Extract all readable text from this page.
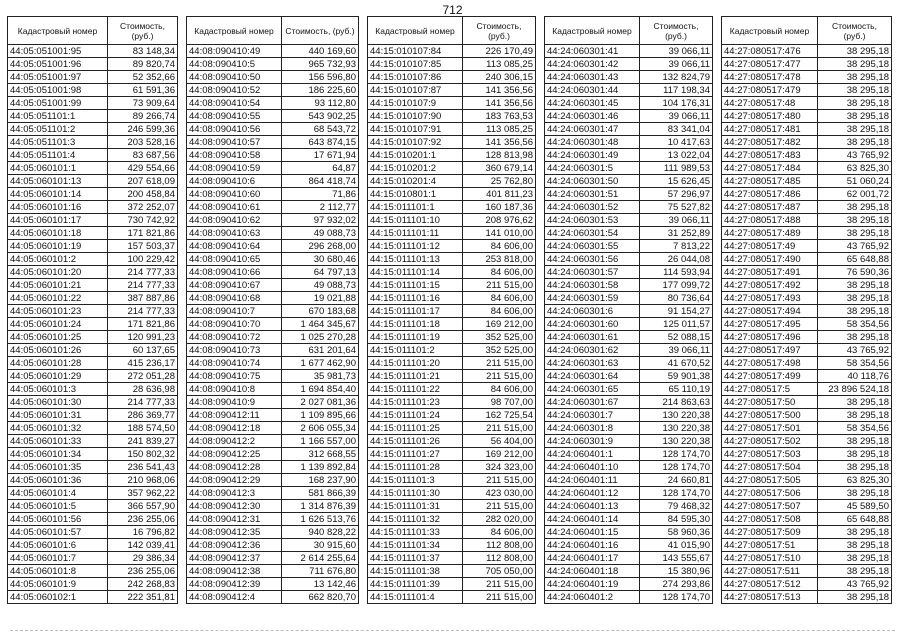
712
Кадастровый номер	Стоимость, (руб.)
44:05:051001:95	83 148,34
44:05:051001:96	89 820,74
44:05:051001:97	52 352,66
44:05:051001:98	61 591,36
44:05:051001:99	73 909,64
44:05:051101:1	89 266,74
44:05:051101:2	246 599,36
44:05:051101:3	203 528,16
44:05:051101:4	83 687,56
44:05:060101:1	429 554,66
44:05:060101:13	207 618,09
44:05:060101:14	200 458,84
44:05:060101:16	372 252,07
44:05:060101:17	730 742,92
44:05:060101:18	171 821,86
44:05:060101:19	157 503,37
44:05:060101:2	100 229,42
44:05:060101:20	214 777,33
44:05:060101:21	214 777,33
44:05:060101:22	387 887,86
44:05:060101:23	214 777,33
44:05:060101:24	171 821,86
44:05:060101:25	120 991,23
44:05:060101:26	60 137,65
44:05:060101:28	415 236,17
44:05:060101:29	272 051,28
44:05:060101:3	28 636,98
44:05:060101:30	214 777,33
44:05:060101:31	286 369,77
44:05:060101:32	188 574,50
44:05:060101:33	241 839,27
44:05:060101:34	150 802,32
44:05:060101:35	236 541,43
44:05:060101:36	210 968,06
44:05:060101:4	357 962,22
44:05:060101:5	366 557,90
44:05:060101:56	236 255,06
44:05:060101:57	16 796,82
44:05:060101:6	142 039,41
44:05:060101:7	29 386,34
44:05:060101:8	236 255,06
44:05:060101:9	242 268,83
44:05:060102:1	222 351,81
Кадастровый номер	Стоимость, (руб.)
44:08:090410:49	440 169,60
44:08:090410:5	965 732,93
44:08:090410:50	156 596,80
44:08:090410:52	186 225,60
44:08:090410:54	93 112,80
44:08:090410:55	543 902,25
44:08:090410:56	68 543,72
44:08:090410:57	643 874,15
44:08:090410:58	17 671,94
44:08:090410:59	64,87
44:08:090410:6	864 418,74
44:08:090410:60	71,86
44:08:090410:61	2 112,77
44:08:090410:62	97 932,02
44:08:090410:63	49 088,73
44:08:090410:64	296 268,00
44:08:090410:65	30 680,46
44:08:090410:66	64 797,13
44:08:090410:67	49 088,73
44:08:090410:68	19 021,88
44:08:090410:7	670 183,68
44:08:090410:70	1 464 345,67
44:08:090410:72	1 025 270,28
44:08:090410:73	631 201,64
44:08:090410:74	1 677 462,90
44:08:090410:75	35 981,73
44:08:090410:8	1 694 854,40
44:08:090410:9	2 027 081,36
44:08:090412:11	1 109 895,66
44:08:090412:18	2 606 055,34
44:08:090412:2	1 166 557,00
44:08:090412:25	312 668,55
44:08:090412:28	1 139 892,84
44:08:090412:29	168 237,90
44:08:090412:3	581 866,39
44:08:090412:30	1 314 876,39
44:08:090412:31	1 626 513,76
44:08:090412:35	940 828,22
44:08:090412:36	30 915,60
44:08:090412:37	2 614 255,64
44:08:090412:38	711 676,80
44:08:090412:39	13 142,46
44:08:090412:4	662 820,70
Кадастровый номер	Стоимость, (руб.)
44:15:010107:84	226 170,49
44:15:010107:85	113 085,25
44:15:010107:86	240 306,15
44:15:010107:87	141 356,56
44:15:010107:9	141 356,56
44:15:010107:90	183 763,53
44:15:010107:91	113 085,25
44:15:010107:92	141 356,56
44:15:010201:1	128 813,98
44:15:010201:2	360 679,14
44:15:010201:4	25 762,80
44:15:010801:1	401 811,23
44:15:011101:1	160 187,36
44:15:011101:10	208 976,62
44:15:011101:11	141 010,00
44:15:011101:12	84 606,00
44:15:011101:13	253 818,00
44:15:011101:14	84 606,00
44:15:011101:15	211 515,00
44:15:011101:16	84 606,00
44:15:011101:17	84 606,00
44:15:011101:18	169 212,00
44:15:011101:19	352 525,00
44:15:011101:2	352 525,00
44:15:011101:20	211 515,00
44:15:011101:21	211 515,00
44:15:011101:22	84 606,00
44:15:011101:23	98 707,00
44:15:011101:24	162 725,54
44:15:011101:25	211 515,00
44:15:011101:26	56 404,00
44:15:011101:27	169 212,00
44:15:011101:28	324 323,00
44:15:011101:3	211 515,00
44:15:011101:30	423 030,00
44:15:011101:31	211 515,00
44:15:011101:32	282 020,00
44:15:011101:33	84 606,00
44:15:011101:34	112 808,00
44:15:011101:37	112 808,00
44:15:011101:38	705 050,00
44:15:011101:39	211 515,00
44:15:011101:4	211 515,00
Кадастровый номер	Стоимость, (руб.)
44:24:060301:41	39 066,11
44:24:060301:42	39 066,11
44:24:060301:43	132 824,79
44:24:060301:44	117 198,34
44:24:060301:45	104 176,31
44:24:060301:46	39 066,11
44:24:060301:47	83 341,04
44:24:060301:48	10 417,63
44:24:060301:49	13 022,04
44:24:060301:5	111 989,53
44:24:060301:50	15 626,45
44:24:060301:51	57 296,97
44:24:060301:52	75 527,82
44:24:060301:53	39 066,11
44:24:060301:54	31 252,89
44:24:060301:55	7 813,22
44:24:060301:56	26 044,08
44:24:060301:57	114 593,94
44:24:060301:58	177 099,72
44:24:060301:59	80 736,64
44:24:060301:6	91 154,27
44:24:060301:60	125 011,57
44:24:060301:61	52 088,15
44:24:060301:62	39 066,11
44:24:060301:63	41 670,52
44:24:060301:64	59 901,38
44:24:060301:65	65 110,19
44:24:060301:67	214 863,63
44:24:060301:7	130 220,38
44:24:060301:8	130 220,38
44:24:060301:9	130 220,38
44:24:060401:1	128 174,70
44:24:060401:10	128 174,70
44:24:060401:11	24 660,81
44:24:060401:12	128 174,70
44:24:060401:13	79 468,32
44:24:060401:14	84 595,30
44:24:060401:15	58 960,36
44:24:060401:16	41 015,90
44:24:060401:17	143 555,67
44:24:060401:18	15 380,96
44:24:060401:19	274 293,86
44:24:060401:2	128 174,70
Кадастровый номер	Стоимость, (руб.)
44:27:080517:476	38 295,18
44:27:080517:477	38 295,18
44:27:080517:478	38 295,18
44:27:080517:479	38 295,18
44:27:080517:48	38 295,18
44:27:080517:480	38 295,18
44:27:080517:481	38 295,18
44:27:080517:482	38 295,18
44:27:080517:483	43 765,92
44:27:080517:484	63 825,30
44:27:080517:485	51 060,24
44:27:080517:486	62 001,72
44:27:080517:487	38 295,18
44:27:080517:488	38 295,18
44:27:080517:489	38 295,18
44:27:080517:49	43 765,92
44:27:080517:490	65 648,88
44:27:080517:491	76 590,36
44:27:080517:492	38 295,18
44:27:080517:493	38 295,18
44:27:080517:494	38 295,18
44:27:080517:495	58 354,56
44:27:080517:496	38 295,18
44:27:080517:497	43 765,92
44:27:080517:498	58 354,56
44:27:080517:499	40 118,76
44:27:080517:5	23 896 524,18
44:27:080517:50	38 295,18
44:27:080517:500	38 295,18
44:27:080517:501	58 354,56
44:27:080517:502	38 295,18
44:27:080517:503	38 295,18
44:27:080517:504	38 295,18
44:27:080517:505	63 825,30
44:27:080517:506	38 295,18
44:27:080517:507	45 589,50
44:27:080517:508	65 648,88
44:27:080517:509	38 295,18
44:27:080517:51	38 295,18
44:27:080517:510	38 295,18
44:27:080517:511	38 295,18
44:27:080517:512	43 765,92
44:27:080517:513	38 295,18
